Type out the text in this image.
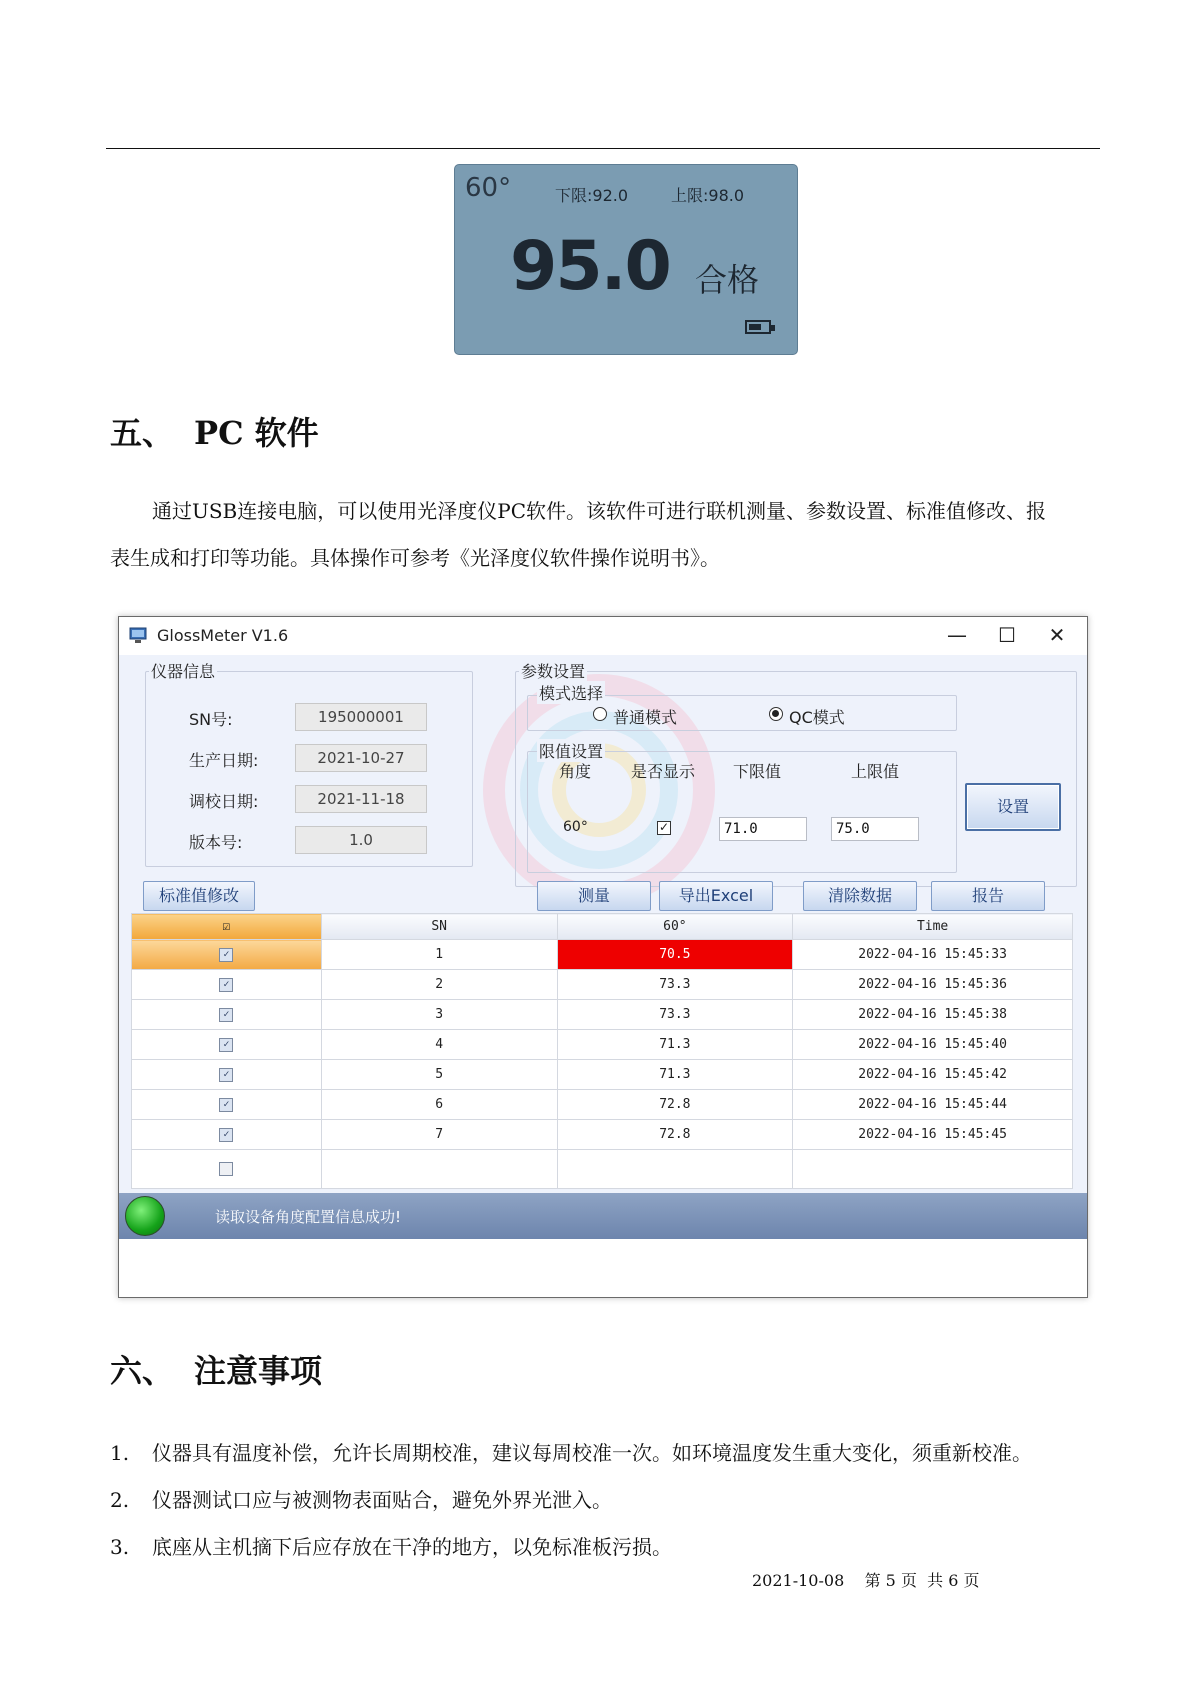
60°	下限:92.0	上限:98.0
95.0 合格
五、 PC 软件
通过USB连接电脑，可以使用光泽度仪PC软件。该软件可进行联机测量、参数设置、标准值修改、报
表生成和打印等功能。具体操作可参考《光泽度仪软件操作说明书》。
GlossMeter V1.6	—	☐	✕
仪器信息
SN号:	195000001
生产日期:	2021-10-27
调校日期:	2021-11-18
版本号:	1.0
参数设置
模式选择
普通模式	QC模式
限值设置
角度 是否显示 下限值	上限值
60°	✓	71.0	75.0
设置
标准值修改	测量	导出Excel	清除数据	报告
☑	SN	60°	Time
✓	1	70.5	2022-04-16 15:45:33
✓	2	73.3	2022-04-16 15:45:36
✓	3	73.3	2022-04-16 15:45:38
✓	4	71.3	2022-04-16 15:45:40
✓	5	71.3	2022-04-16 15:45:42
✓	6	72.8	2022-04-16 15:45:44
✓	7	72.8	2022-04-16 15:45:45

读取设备角度配置信息成功!
六、 注意事项
1. 仪器具有温度补偿，允许长周期校准，建议每周校准一次。如环境温度发生重大变化，须重新校准。
2. 仪器测试口应与被测物表面贴合，避免外界光泄入。
3. 底座从主机摘下后应存放在干净的地方，以免标准板污损。
2021-10-08    第 5 页  共 6 页
